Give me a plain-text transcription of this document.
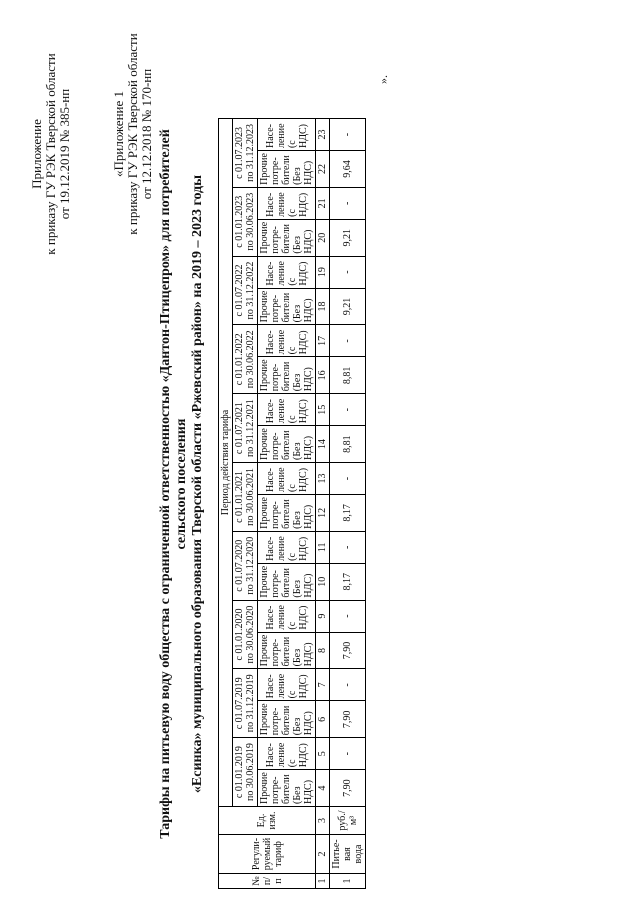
Приложение к приказу ГУ РЭК Тверской области от 19.12.2019 № 385-нп	«Приложение 1 к приказу ГУ РЭК Тверской области от 12.12.2018 № 170-нп Тарифы на питьевую воду общества с ограниченной ответственностью «Дантон-Птицепром» для потребителей сельского поселения «Есинка» муниципального образования Тверской области «Ржевский район» на 2019 – 2023 годы
№ п/п	Регули-руемый тариф	Ед. изм.	Период действия тарифа																			
			с 01.01.2019 по 30.06.2019		с 01.07.2019 по 31.12.2019		с 01.01.2020 по 30.06.2020		с 01.07.2020 по 31.12.2020		с 01.01.2021 по 30.06.2021		с 01.07.2021 по 31.12.2021		с 01.01.2022 по 30.06.2022		с 01.07.2022 по 31.12.2022		с 01.01.2023 по 30.06.2023		с 01.07.2023 по 31.12.2023	
			Прочие потре-бители (Без НДС)	Насе-ление (с НДС)	Прочие потре-бители (Без НДС)	Насе-ление (с НДС)	Прочие потре-бители (Без НДС)	Насе-ление (с НДС)	Прочие потре-бители (Без НДС)	Насе-ление (с НДС)	Прочие потре-бители (Без НДС)	Насе-ление (с НДС)	Прочие потре-бители (Без НДС)	Насе-ление (с НДС)	Прочие потре-бители (Без НДС)	Насе-ление (с НДС)	Прочие потре-бители (Без НДС)	Насе-ление (с НДС)	Прочие потре-бители (Без НДС)	Насе-ление (с НДС)	Прочие потре-бители (Без НДС)	Насе-ление (с НДС)
1	2	3	4	5	6	7	8	9	10	11	12	13	14	15	16	17	18	19	20	21	22	23
1	Питье-вая вода	руб./м³	7,90	-	7,90	-	7,90	-	8,17	-	8,17	-	8,81	-	8,81	-	9,21	-	9,21	-	9,64	-
».
